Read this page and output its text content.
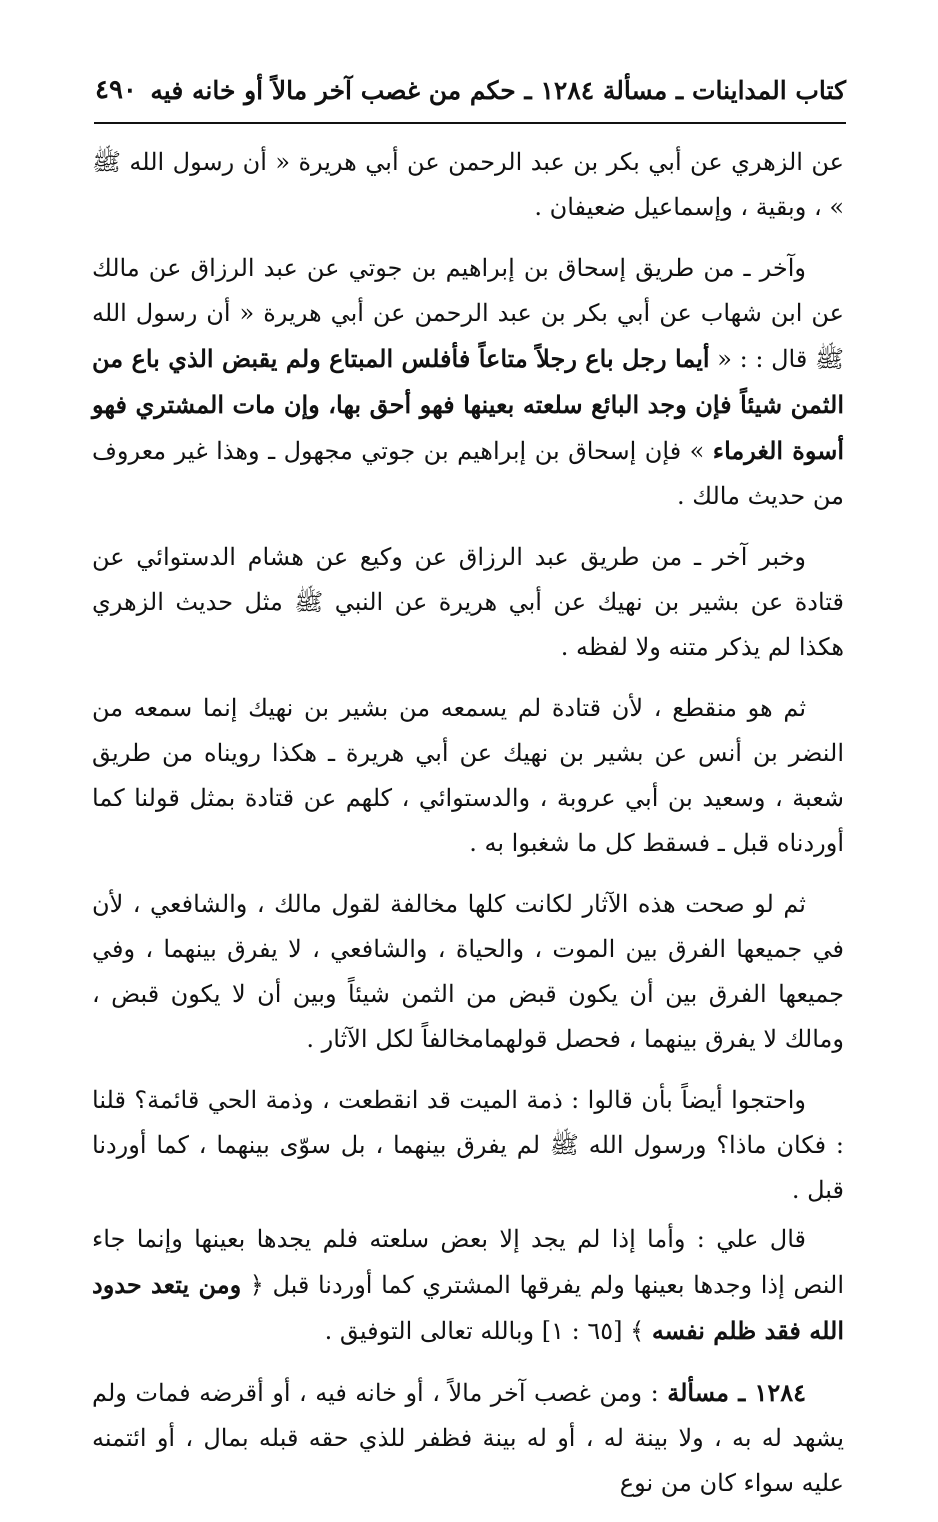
كتاب المداينات ـ مسألة ١٢٨٤ ـ حكم من غصب آخر مالاً أو خانه فيه
٤٩٠

عن الزهري عن أبي بكر بن عبد الرحمن عن أبي هريرة « أن رسول الله ﷺ » ، وبقية ، وإسماعيل ضعيفان .

وآخر ـ من طريق إسحاق بن إبراهيم بن جوتي عن عبد الرزاق عن مالك عن ابن شهاب عن أبي بكر بن عبد الرحمن عن أبي هريرة « أن رسول الله ﷺ قال : : « أيما رجل باع رجلاً متاعاً فأفلس المبتاع ولم يقبض الذي باع من الثمن شيئاً فإن وجد البائع سلعته بعينها فهو أحق بها، وإن مات المشتري فهو أسوة الغرماء » فإن إسحاق بن إبراهيم بن جوتي مجهول ـ وهذا غير معروف من حديث مالك .

وخبر آخر ـ من طريق عبد الرزاق عن وكيع عن هشام الدستوائي عن قتادة عن بشير بن نهيك عن أبي هريرة عن النبي ﷺ مثل حديث الزهري هكذا لم يذكر متنه ولا لفظه .

ثم هو منقطع ، لأن قتادة لم يسمعه من بشير بن نهيك إنما سمعه من النضر بن أنس عن بشير بن نهيك عن أبي هريرة ـ هكذا رويناه من طريق شعبة ، وسعيد بن أبي عروبة ، والدستوائي ، كلهم عن قتادة بمثل قولنا كما أوردناه قبل ـ فسقط كل ما شغبوا به .

ثم لو صحت هذه الآثار لكانت كلها مخالفة لقول مالك ، والشافعي ، لأن في جميعها الفرق بين الموت ، والحياة ، والشافعي ، لا يفرق بينهما ، وفي جميعها الفرق بين أن يكون قبض من الثمن شيئاً وبين أن لا يكون قبض ، ومالك لا يفرق بينهما ، فحصل قولهمامخالفاً لكل الآثار .

واحتجوا أيضاً بأن قالوا : ذمة الميت قد انقطعت ، وذمة الحي قائمة؟ قلنا : فكان ماذا؟ ورسول الله ﷺ لم يفرق بينهما ، بل سوّى بينهما ، كما أوردنا قبل .

قال علي : وأما إذا لم يجد إلا بعض سلعته فلم يجدها بعينها وإنما جاء النص إذا وجدها بعينها ولم يفرقها المشتري كما أوردنا قبل ﴿ ومن يتعد حدود الله فقد ظلم نفسه ﴾ [٦٥ : ١] وبالله تعالى التوفيق .

١٢٨٤ ـ مسألة : ومن غصب آخر مالاً ، أو خانه فيه ، أو أقرضه فمات ولم يشهد له به ، ولا بينة له ، أو له بينة فظفر للذي حقه قبله بمال ، أو ائتمنه عليه سواء كان من نوع
